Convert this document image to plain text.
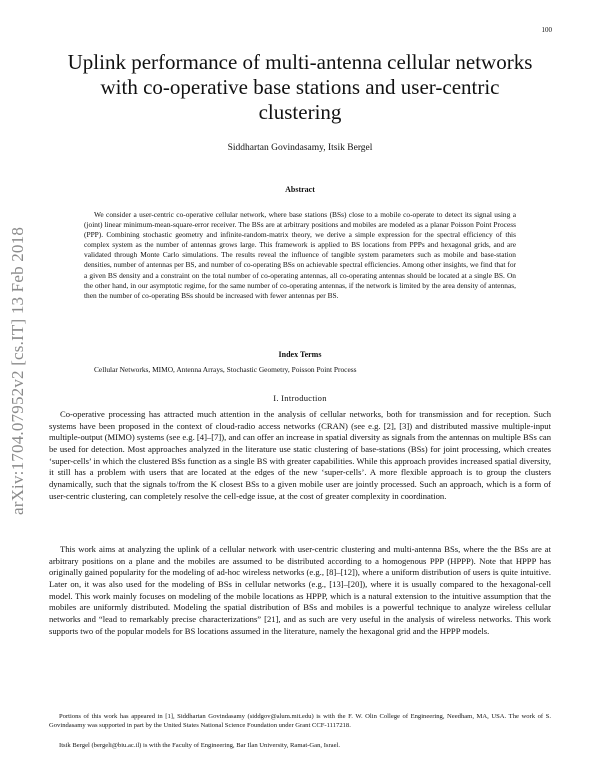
100
arXiv:1704.07952v2 [cs.IT] 13 Feb 2018
Uplink performance of multi-antenna cellular networks with co-operative base stations and user-centric clustering
Siddhartan Govindasamy, Itsik Bergel
Abstract

We consider a user-centric co-operative cellular network, where base stations (BSs) close to a mobile co-operate to detect its signal using a (joint) linear minimum-mean-square-error receiver. The BSs are at arbitrary positions and mobiles are modeled as a planar Poisson Point Process (PPP). Combining stochastic geometry and infinite-random-matrix theory, we derive a simple expression for the spectral efficiency of this complex system as the number of antennas grows large. This framework is applied to BS locations from PPPs and hexagonal grids, and are validated through Monte Carlo simulations. The results reveal the influence of tangible system parameters such as mobile and base-station densities, number of antennas per BS, and number of co-operating BSs on achievable spectral efficiencies. Among other insights, we find that for a given BS density and a constraint on the total number of co-operating antennas, all co-operating antennas should be located at a single BS. On the other hand, in our asymptotic regime, for the same number of co-operating antennas, if the network is limited by the area density of antennas, then the number of co-operating BSs should be increased with fewer antennas per BS.

Index Terms

Cellular Networks, MIMO, Antenna Arrays, Stochastic Geometry, Poisson Point Process

I. Introduction

Co-operative processing has attracted much attention in the analysis of cellular networks, both for transmission and for reception. Such systems have been proposed in the context of cloud-radio access networks (CRAN) (see e.g. [2], [3]) and distributed massive multiple-input multiple-output (MIMO) systems (see e.g. [4]–[7]), and can offer an increase in spatial diversity as signals from the antennas on multiple BSs can be used for detection. Most approaches analyzed in the literature use static clustering of base-stations (BSs) for joint processing, which creates ‘super-cells’ in which the clustered BSs function as a single BS with greater capabilities. While this approach provides increased spatial diversity, it still has a problem with users that are located at the edges of the new ‘super-cells’. A more flexible approach is to group the clusters dynamically, such that the signals to/from the K closest BSs to a given mobile user are jointly processed. Such an approach, which is a form of user-centric clustering, can completely resolve the cell-edge issue, at the cost of greater complexity in coordination.

This work aims at analyzing the uplink of a cellular network with user-centric clustering and multi-antenna BSs, where the the BSs are at arbitrary positions on a plane and the mobiles are assumed to be distributed according to a homogenous PPP (HPPP). Note that HPPP has originally gained popularity for the modeling of ad-hoc wireless networks (e.g., [8]–[12]), where a uniform distribution of users is quite intuitive. Later on, it was also used for the modeling of BSs in cellular networks (e.g., [13]–[20]), where it is usually compared to the hexagonal-cell model. This work mainly focuses on modeling of the mobile locations as HPPP, which is a natural extension to the intuitive assumption that the mobiles are uniformly distributed. Modeling the spatial distribution of BSs and mobiles is a powerful technique to analyze wireless cellular networks and “lead to remarkably precise characterizations” [21], and as such are very useful in the analysis of wireless networks. This work supports two of the popular models for BS locations assumed in the literature, namely the hexagonal grid and the HPPP models.

Portions of this work has appeared in [1], Siddhartan Govindasamy (siddgov@alum.mit.edu) is with the F. W. Olin College of Engineering, Needham, MA, USA. The work of S. Govindasamy was supported in part by the United States National Science Foundation under Grant CCF-1117218.

Itsik Bergel (bergeli@biu.ac.il) is with the Faculty of Engineering, Bar Ilan University, Ramat-Gan, Israel.
